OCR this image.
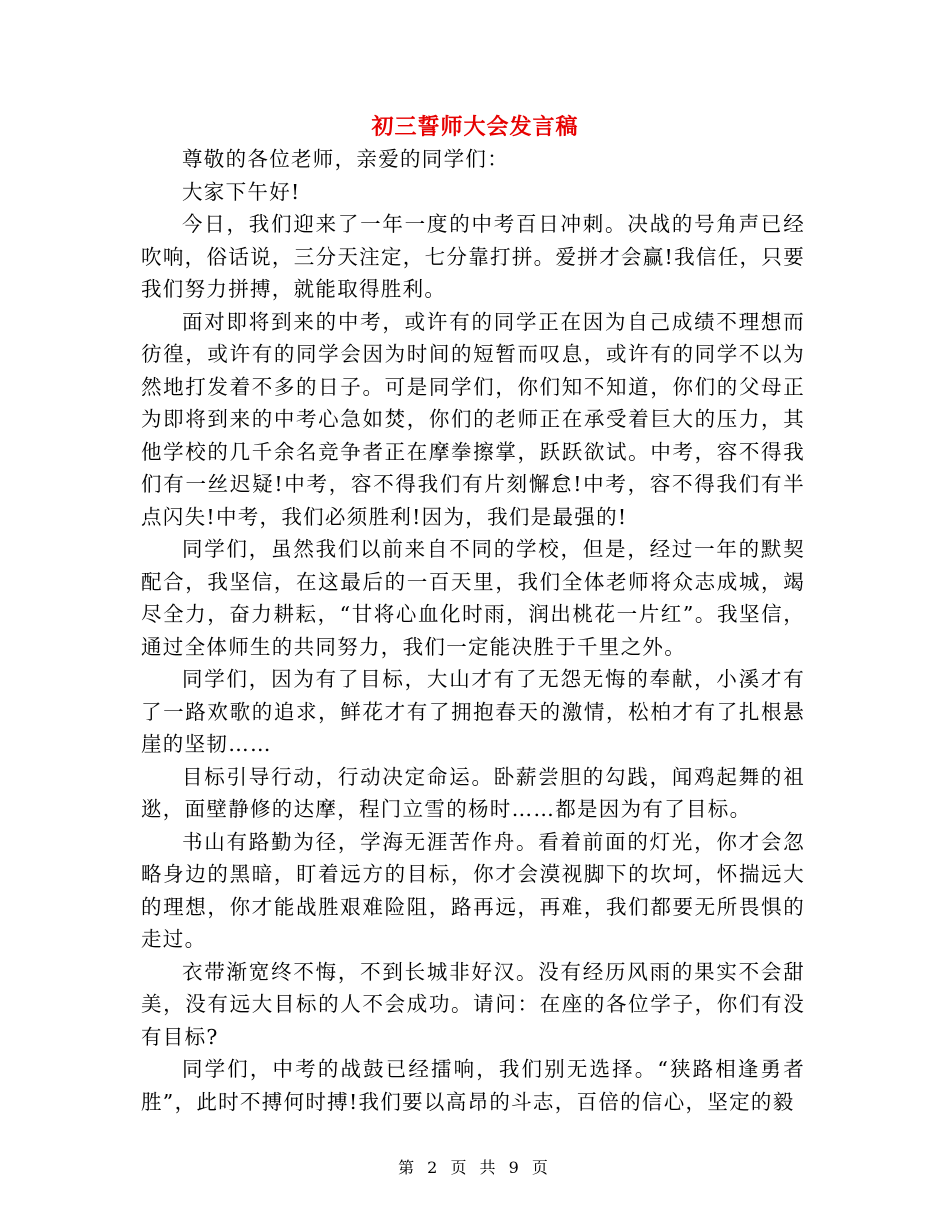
初三誓师大会发言稿

尊敬的各位老师，亲爱的同学们：

大家下午好!

今日，我们迎来了一年一度的中考百日冲刺。决战的号角声已经吹响，俗话说，三分天注定，七分靠打拼。爱拼才会赢!我信任，只要我们努力拼搏，就能取得胜利。

面对即将到来的中考，或许有的同学正在因为自己成绩不理想而彷徨，或许有的同学会因为时间的短暂而叹息，或许有的同学不以为然地打发着不多的日子。可是同学们，你们知不知道，你们的父母正为即将到来的中考心急如焚，你们的老师正在承受着巨大的压力，其他学校的几千余名竞争者正在摩拳擦掌，跃跃欲试。中考，容不得我们有一丝迟疑!中考，容不得我们有片刻懈怠!中考，容不得我们有半点闪失!中考，我们必须胜利!因为，我们是最强的!

同学们，虽然我们以前来自不同的学校，但是，经过一年的默契配合，我坚信，在这最后的一百天里，我们全体老师将众志成城，竭尽全力，奋力耕耘，“甘将心血化时雨，润出桃花一片红”。我坚信，通过全体师生的共同努力，我们一定能决胜于千里之外。

同学们，因为有了目标，大山才有了无怨无悔的奉献，小溪才有了一路欢歌的追求，鲜花才有了拥抱春天的激情，松柏才有了扎根悬崖的坚韧……

目标引导行动，行动决定命运。卧薪尝胆的勾践，闻鸡起舞的祖逖，面壁静修的达摩，程门立雪的杨时……都是因为有了目标。

书山有路勤为径，学海无涯苦作舟。看着前面的灯光，你才会忽略身边的黑暗，盯着远方的目标，你才会漠视脚下的坎坷，怀揣远大的理想，你才能战胜艰难险阻，路再远，再难，我们都要无所畏惧的走过。

衣带渐宽终不悔，不到长城非好汉。没有经历风雨的果实不会甜美，没有远大目标的人不会成功。请问：在座的各位学子，你们有没有目标?

同学们，中考的战鼓已经擂响，我们别无选择。“狭路相逢勇者胜”，此时不搏何时搏!我们要以高昂的斗志，百倍的信心，坚定的毅

第 2 页 共 9 页
